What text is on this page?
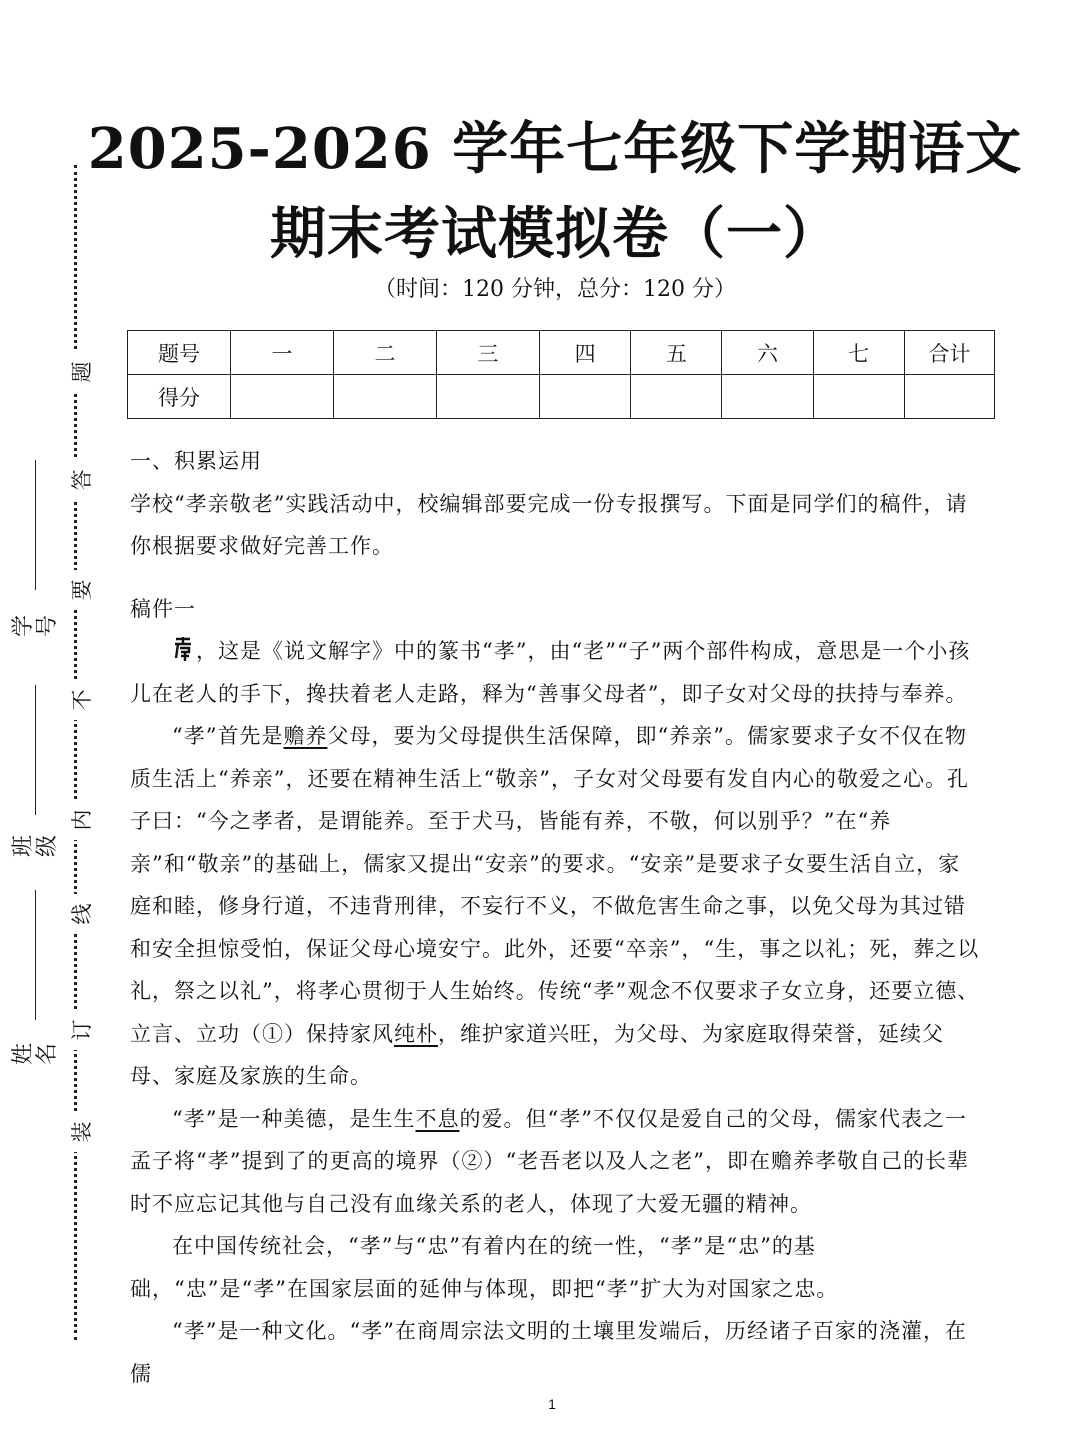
题
答
要
不
内
线
订
装
学号
班级
姓名
2025-2026 学年七年级下学期语文
期末考试模拟卷（一）
（时间：120 分钟，总分：120 分）
题号	一	二	三	四	五	六	七	合计
得分								

一、积累运用

学校“孝亲敬老”实践活动中，校编辑部要完成一份专报撰写。下面是同学们的稿件，请你根据要求做好完善工作。

稿件一

，这是《说文解字》中的篆书“孝”，由“老”“子”两个部件构成，意思是一个小孩儿在老人的手下，搀扶着老人走路，释为“善事父母者”，即子女对父母的扶持与奉养。

“孝”首先是赡养父母，要为父母提供生活保障，即“养亲”。儒家要求子女不仅在物质生活上“养亲”，还要在精神生活上“敬亲”，子女对父母要有发自内心的敬爱之心。孔子曰：“今之孝者，是谓能养。至于犬马，皆能有养，不敬，何以别乎？”在“养亲”和“敬亲”的基础上，儒家又提出“安亲”的要求。“安亲”是要求子女要生活自立，家庭和睦，修身行道，不违背刑律，不妄行不义，不做危害生命之事，以免父母为其过错和安全担惊受怕，保证父母心境安宁。此外，还要“卒亲”，“生，事之以礼；死，葬之以礼，祭之以礼”，将孝心贯彻于人生始终。传统“孝”观念不仅要求子女立身，还要立德、立言、立功（①）保持家风纯朴，维护家道兴旺，为父母、为家庭取得荣誉，延续父母、家庭及家族的生命。

“孝”是一种美德，是生生不息的爱。但“孝”不仅仅是爱自己的父母，儒家代表之一孟子将“孝”提到了的更高的境界（②）“老吾老以及人之老”，即在赡养孝敬自己的长辈时不应忘记其他与自己没有血缘关系的老人，体现了大爱无疆的精神。

在中国传统社会，“孝”与“忠”有着内在的统一性，“孝”是“忠”的基础，“忠”是“孝”在国家层面的延伸与体现，即把“孝”扩大为对国家之忠。

“孝”是一种文化。“孝”在商周宗法文明的土壤里发端后，历经诸子百家的浇灌，在儒

1
